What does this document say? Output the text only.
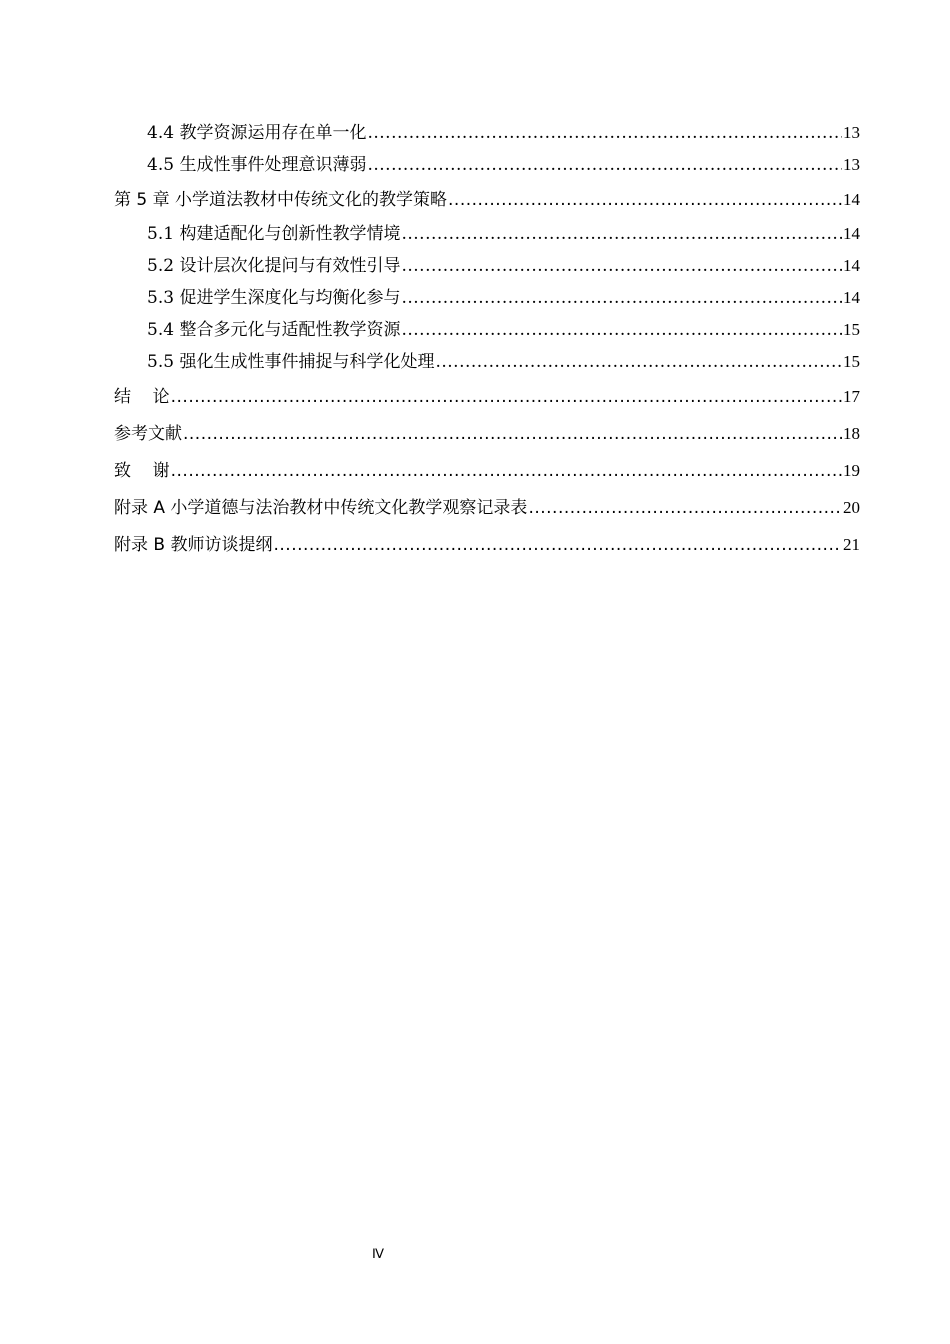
4.4 教学资源运用存在单一化 .....	13
4.5 生成性事件处理意识薄弱 .....	13
第 5 章 小学道法教材中传统文化的教学策略 .....	14
5.1 构建适配化与创新性教学情境 .....	14
5.2 设计层次化提问与有效性引导 .....	14
5.3 促进学生深度化与均衡化参与 .....	14
5.4 整合多元化与适配性教学资源 .....	15
5.5 强化生成性事件捕捉与科学化处理 .....	15
结    论 .....	17
参考文献 .....	18
致    谢 .....	19
附录 A 小学道德与法治教材中传统文化教学观察记录表 .....	20
附录 B 教师访谈提纲 .....	21
Ⅳ
